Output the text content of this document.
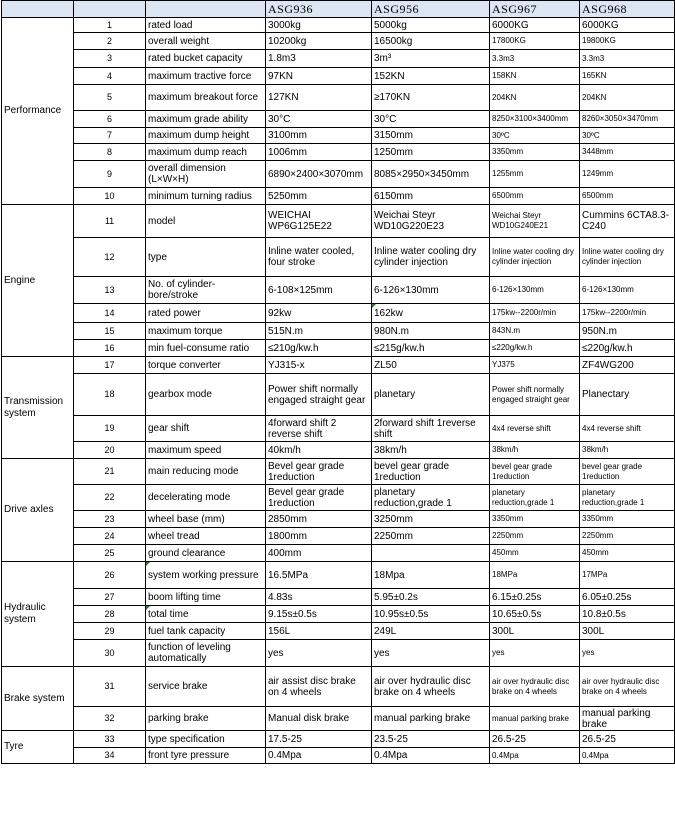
			ASG936	ASG956	ASG967	ASG968
Performance	1	rated load	3000kg	5000kg	6000KG	6000KG
	2	overall weight	10200kg	16500kg	17800KG	19800KG
	3	rated bucket capacity	1.8m3	3m³	3.3m3	3.3m3
	4	maximum tractive force	97KN	152KN	158KN	165KN
	5	maximum breakout force	127KN	≥170KN	204KN	204KN
	6	maximum grade ability	30°C	30°C	8250×3100×3400mm	8260×3050×3470mm
	7	maximum dump height	3100mm	3150mm	30ºC	30ºC
	8	maximum dump reach	1006mm	1250mm	3350mm	3448mm
	9	overall dimension (L×W×H)	6890×2400×3070mm	8085×2950×3450mm	1255mm	1249mm
	10	minimum turning radius	5250mm	6150mm	6500mm	6500mm
Engine	11	model	WEICHAI WP6G125E22	Weichai Steyr WD10G220E23	Weichai Steyr WD10G240E21	Cummins 6CTA8.3-C240
	12	type	Inline water cooled, four stroke	Inline water cooling dry cylinder injection	Inline water cooling dry cylinder injection	Inline water cooling dry cylinder injection
	13	No. of cylinder-bore/stroke	6-108×125mm	6-126×130mm	6-126×130mm	6-126×130mm
	14	rated power	92kw	162kw	175kw--2200r/min	175kw--2200r/min
	15	maximum torque	515N.m	980N.m	843N.m	950N.m
	16	min fuel-consume ratio	≤210g/kw.h	≤215g/kw.h	≤220g/kw.h	≤220g/kw.h
Transmission system	17	torque converter	YJ315-x	ZL50	YJ375	ZF4WG200
	18	gearbox mode	Power shift normally engaged straight gear	planetary	Power shift normally engaged straight gear	Planectary
	19	gear shift	4forward shift 2 reverse shift	2forward shift 1reverse shift	4x4 reverse shift	4x4 reverse shift
	20	maximum speed	40km/h	38km/h	38km/h	38km/h
Drive axles	21	main reducing mode	Bevel gear grade 1reduction	bevel gear grade 1reduction	bevel gear grade 1reduction	bevel gear grade 1reduction
	22	decelerating mode	Bevel gear grade 1reduction	planetary reduction,grade 1	planetary reduction,grade 1	planetary reduction,grade 1
	23	wheel base (mm)	2850mm	3250mm	3350mm	3350mm
	24	wheel tread	1800mm	2250mm	2250mm	2250mm
	25	ground clearance	400mm		450mm	450mm
Hydraulic system	26	system working pressure	16.5MPa	18Mpa	18MPa	17MPa
	27	boom lifting time	4.83s	5.95±0.2s	6.15±0.25s	6.05±0.25s
	28	total time	9.15s±0.5s	10.95s±0.5s	10.65±0.5s	10.8±0.5s
	29	fuel tank capacity	156L	249L	300L	300L
	30	function of leveling automatically	yes	yes	yes	yes
Brake system	31	service brake	air assist disc brake on 4 wheels	air over hydraulic disc brake on 4 wheels	air over hydraulic disc brake on 4 wheels	air over hydraulic disc brake on 4 wheels
	32	parking brake	Manual disk brake	manual parking brake	manual parking brake	manual parking brake
Tyre	33	type specification	17.5-25	23.5-25	26.5-25	26.5-25
	34	front tyre pressure	0.4Mpa	0.4Mpa	0.4Mpa	0.4Mpa
